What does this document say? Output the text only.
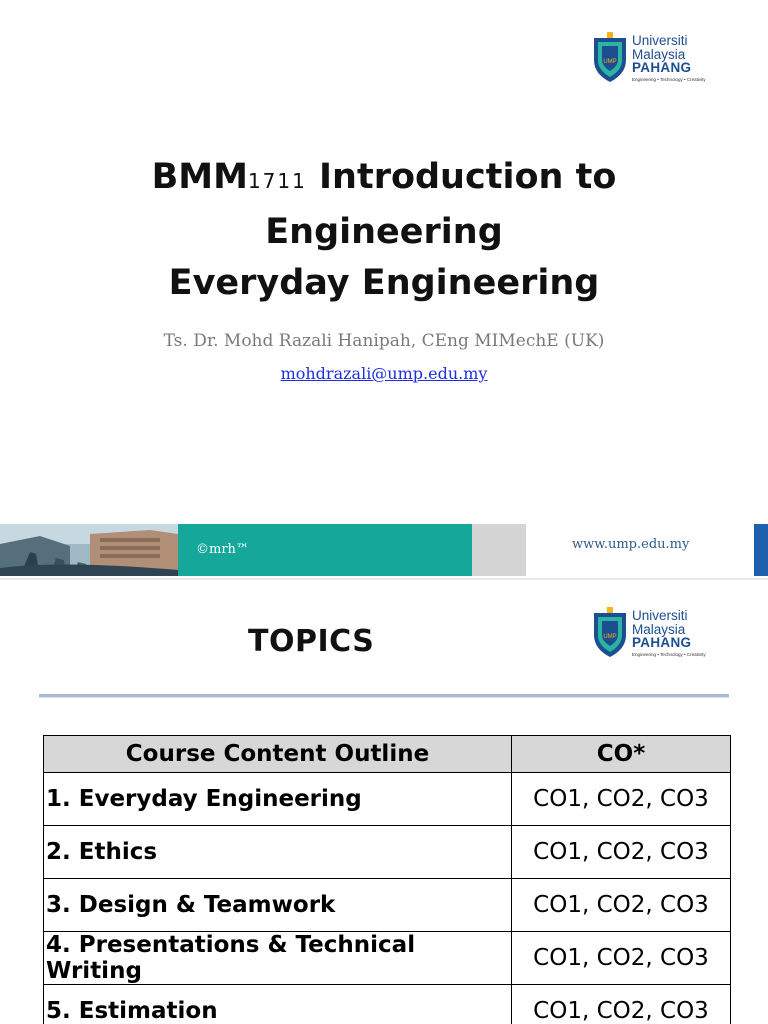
UMP
Universiti
Malaysia
PAHANG
Engineering • Technology • Creativity
BMM1711 Introduction to
Engineering
Everyday Engineering
Ts. Dr. Mohd Razali Hanipah, CEng MIMechE (UK)
mohdrazali@ump.edu.my
©mrh™	www.ump.edu.my
UMP
Universiti
Malaysia
PAHANG
Engineering • Technology • Creativity
TOPICS
Course Content Outline	CO*
1. Everyday Engineering	CO1, CO2, CO3
2. Ethics	CO1, CO2, CO3
3. Design & Teamwork	CO1, CO2, CO3
4. Presentations & Technical Writing	CO1, CO2, CO3
5. Estimation	CO1, CO2, CO3
